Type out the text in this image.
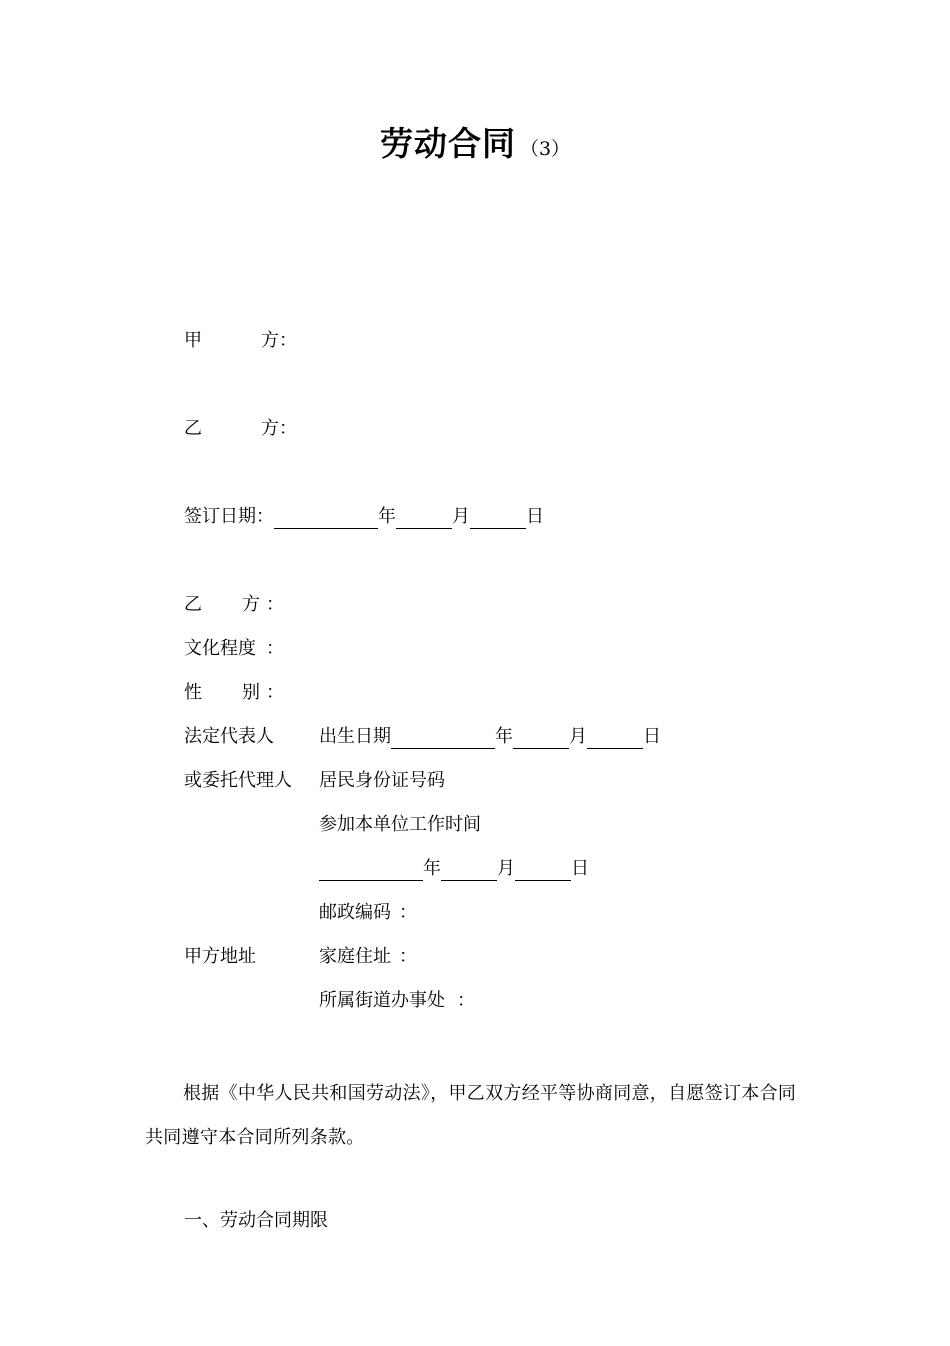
劳动合同 （3）
甲	方：
乙	方：
签订日期：	年	月	日
乙 方 ：
文化程度 ：
性 别 ：
法定代表人	出生日期	年	月	日
或委托代理人 居民身份证号码
参加本单位工作时间
年	月	日
邮政编码 ：
甲方地址	家庭住址 ：
所属街道办事处 ：
根据《中华人民共和国劳动法》，甲乙双方经平等协商同意，自愿签订本合同共同遵守本合同所列条款。
一、劳动合同期限
